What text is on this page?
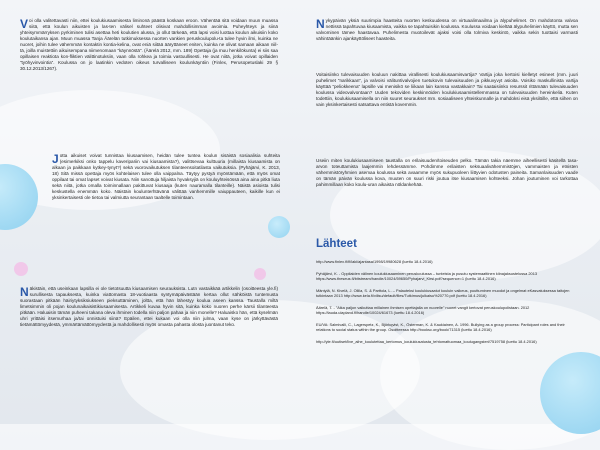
Voi olla valitettavasti niin, ettei koulukiusaamisesta liminonä päästä koskaan eroon. Vähentää sitä voidaan muun muassa siitä, että koulun aikuisten ja las-ten välisel suhteet olisivat mahdollisimman avoimia. Puheyhteys ja siinä yhteisymmärryksen pyrkiminen tulisi asettaa heti koulutien alussa, jo ollut tärkeää, että lapsi voisi luottaa koulun aikuisiin koko koulutaikansa ajan. Muun muassa Tanja Äärelän tutkimuksessa nuorten vankien peruskoulupolu-ta tulee hyvin ilmi, kuinka ne nuoret, joihin tulee vähemmän kontaktin kontia-kelina, ovat eniä siitää ääryttäneet eniten, kuinka ne olivat samaan aikaan niil-tä, joilla muistettiin aikuisempana niimenomaan ”käynnöstä”. (Äärelä 2012, mm. 189) Opettaja (ja muu henkilökunta) ei siis saa opillaisen reaktiota kon-fliktien välittinotuksiin, vaan olla rohkea ja toimia vastuullisesti. He ovat niitä, jotka voivat opillaiden ”työhyvinvointia”. Koulussa on jo laatinkin vedoten oikeus turvalliseen koulunkäyntiin (Finlex, Perusopetuslaki 29 § 30.12.2013/1267).
Jotta aikuiset voivat tunnistaa kiusaamisen, heidän tulee tuntea koulun sisäistä sosiaalisia suhteita (esimerkiksi onko tappelu kaveripariin vai kiusaamista?), valittsevaa kulttuuria (millaista kiusaamista on alkaan ja paikkaan kytkey-tynyt?) sekä vuorovaikutuksen tilanteensoitatilasta vaikutuksia. (Pyhäjärvi, K. 2013, 18) Sitä missä opettaja myös kohtelaisen tulee olla vaippalna. Täytyy pystyä myöntämään, että myös omat oppilaat tai omat lapset voivat kiusata. Niin sanottuja hiljaista hyvaksyjiä on kouluyhteisössä aina aina pitkä liuta sekä niitä, jotka omalla toiminnallaan pakittuvat kiusaaja (kuten nauramalla tilanteille). Näistä asioista tulisi keskustella enemmän koko. Näistäin koulunterhtävänä välittää vanhemmille vaiuppauteen, kaikille kun ei yksinkertaisesti ole tietoa tai valmiutta seurantaan taaltelle toimintaan.
Näkistäin, että useinkaan lapsilla ei ole tietotsuutta kiusaamisen seurauksista. Lutn vastaikkää artikkelin (osoitteesta yle.fi) surullisesta tapauksesta, kuinka viattomasta 18-vuotiaasta syntymäpäivästään kertaa ollut sähköistä tuntemusta suorastaan pitkään häiriytyksiksiukseen pieksuttäminen, joltta, että hän lähestyy koulua aseen kanssa. Taustalla miltä limetsimmin oli pojan koulunaikaisistikiusaamisesta. Artikkeli kuvaa hyvin sitä, kuinka koko nuoren perhe kärsii tilanteesta pitkään. Haluaisin tämän puheeni takana oleva ihminen todella niin paljon pahaa ja niin monelle? Haluaisko hän, että kyselmän uhri yrittäisi itsemurhaa ja/tai onnistuisi siinä? Epäilen, ettei kukaan voi olla niin julma, vaan kyse on järkyttävästä tietämättömyydestä, ymmärtämättömyydestä ja mahdollisesti myös omasta pahasta olosta juontanut teko.
Nykypäivän yksiä suurimpia haasteita nuorten keskuudessa on virtuaalimaailma ja älypuhelimet. On mahdotonta valvoa nettissä tapahtuvaa kiusaamista, vaikka se tapahtuisikin koulussa. Koulussa voidaan kieltää älypuhelimien käyttö, mutta sen valvominen tämee haastavaa. Puhelimesta muotoilevät ajaksi voisi olla tolmiva keskintö, vaikka sekin tuottaisi varmasti vähintäänkin ajankäyttöliseet haasteita.
Voitaisiinko tulevaisuuden kouluun nakittaa virallisesti koulukiusaamisvartija? Vartija joka kertoisi kielletyt esineet (mm. juuri puhelimet ”narikkaan”, ja valvoisi välituntivalvojien tuetukovin tulevaisuuden ja pikkuvyvyt asioita. Voisiko maskullinista vartija käyttää ”peliokkeena” lapsille vai menisikö se liikaan lain kanssa vastakkain? Tai saataisiinko resurssit rittämään tulevaisuuden koulussa videovalvontaan? Uuden tekoviden keskinnöiden koulukiusaamistellemmassa on tulevaisuuden hereinkeliä. Kuten todettiin, koulukiusaamisella on niin suuret seuraukset mm. sosiaaliseen yhteiskunnalle ja mahdoksi eisä yksilöille, että siihen on vain yksinkertaisesti satsattava entistä kovemmin.
Useiin miten koulukiusaamiseen taustalla on erilaisuuden/toiseuden pelko. Tämän takia näemme aiheellisesti käsitellä tasa-arvon toteuttamista laajemmin lehdessämme. Pohdimme erilaisten seksuaalivähemmistöjen, vammaisten ja etnisten vähemmistöryhmien asemaa koulussa sekä avaamme myös sukupuoleen liittyvien odotusten paineita. Samanlaisuuden vaade on tämän päivän koulussa kova, muuten on suuri riski joutua itse kiusaamisen kohteeksi. Johan joutuminen voi tarkottaa pahimmillaan koko koulu-uran aikaista nöldankehää.
Lähteet

http://www.finlex.fi/fi/laki/ajantasa/1998/19980628 (luettu 18.4.2016)

Pyhäjärvi, K. - Oppilaiden välinen koulukiusaaminen peruskoulussa – tunteista ja pusutu systemaattinen kiinajaksustelussa 2013 https://www.theseus.fi/bitstream/handle/10024/59650/Pyhajarvi_Kirsi.pdf?sequence=1 (luettu 18.4.2016)

Mäntylä, N. Kivelä, J. Ollila, S. & Parttola, L. – Palauteksi koulukiusaatut kouluin vaikeus, puuttuminen muodot ja ongelmat eKasvatuksessa taitojen tutkintaan 2013 http://www.kela.fi/vilisu/default/files/Tutkimus/julkaisu%20770.pdf (luettu 18.4.2016)

Äärelä, T. - "Aika paljon vaikuttaa millainen ihmisen opettajalla on nuorelle" nuoret vangit kertovat peruskoulupolistaan. 2012 https://lauda.ulapland.fi/handle/10024/61673 (luettu 18.4.2016)

EU/VA: Salmivalli, C., Lagerspetz, K., Björkqvist, K., Österman, K. & Kaukiainen, A. 1996. Bullying as a group process: Participant roles and their relations to social status within the group. Osoitteessa http://booksc.org/book/71315 (luettu 18.4.2016)

http://yle.fi/uutiset/live_aihe_koulutettaa_kertomus_koulukiusatusta_tehtomattuomaa_koulugangsteri/7519758 (luettu 18.4.2016)
